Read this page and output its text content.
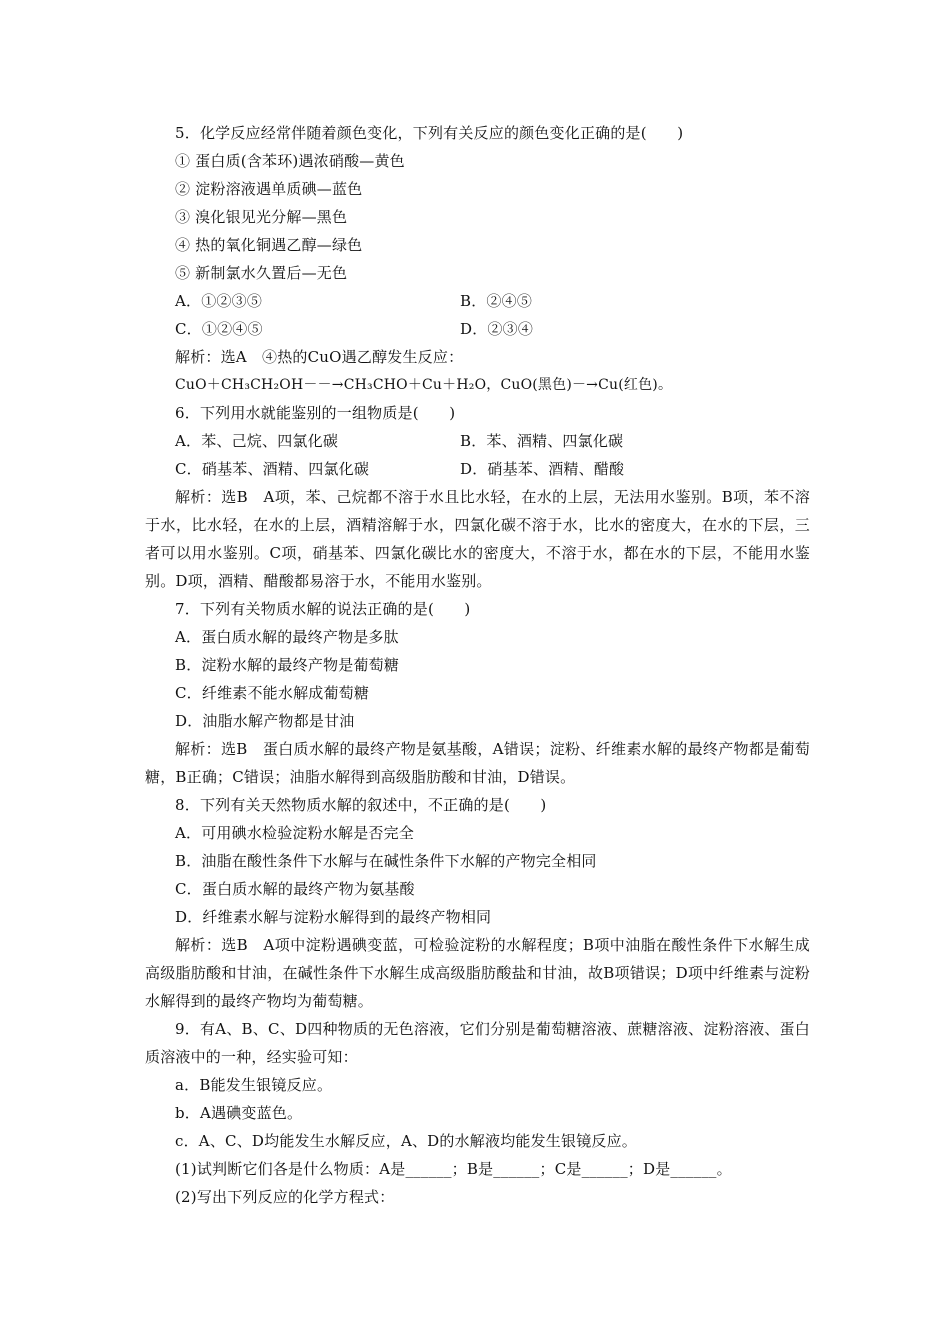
5．化学反应经常伴随着颜色变化，下列有关反应的颜色变化正确的是(　　)
① 蛋白质(含苯环)遇浓硝酸—黄色
② 淀粉溶液遇单质碘—蓝色
③ 溴化银见光分解—黑色
④ 热的氧化铜遇乙醇—绿色
⑤ 新制氯水久置后—无色
A．①②③⑤	B．②④⑤
C．①②④⑤	D．②③④
解析：选A　④热的CuO遇乙醇发生反应：
CuO＋CH₃CH₂OH－－→CH₃CHO＋Cu＋H₂O，CuO(黑色)－→Cu(红色)。
6．下列用水就能鉴别的一组物质是(　　)
A．苯、己烷、四氯化碳	B．苯、酒精、四氯化碳
C．硝基苯、酒精、四氯化碳	D．硝基苯、酒精、醋酸
解析：选B　A项，苯、己烷都不溶于水且比水轻，在水的上层，无法用水鉴别。B项，苯不溶于水，比水轻，在水的上层，酒精溶解于水，四氯化碳不溶于水，比水的密度大，在水的下层，三者可以用水鉴别。C项，硝基苯、四氯化碳比水的密度大，不溶于水，都在水的下层，不能用水鉴别。D项，酒精、醋酸都易溶于水，不能用水鉴别。
7．下列有关物质水解的说法正确的是(　　)
A．蛋白质水解的最终产物是多肽
B．淀粉水解的最终产物是葡萄糖
C．纤维素不能水解成葡萄糖
D．油脂水解产物都是甘油
解析：选B　蛋白质水解的最终产物是氨基酸，A错误；淀粉、纤维素水解的最终产物都是葡萄糖，B正确；C错误；油脂水解得到高级脂肪酸和甘油，D错误。
8．下列有关天然物质水解的叙述中，不正确的是(　　)
A．可用碘水检验淀粉水解是否完全
B．油脂在酸性条件下水解与在碱性条件下水解的产物完全相同
C．蛋白质水解的最终产物为氨基酸
D．纤维素水解与淀粉水解得到的最终产物相同
解析：选B　A项中淀粉遇碘变蓝，可检验淀粉的水解程度；B项中油脂在酸性条件下水解生成高级脂肪酸和甘油，在碱性条件下水解生成高级脂肪酸盐和甘油，故B项错误；D项中纤维素与淀粉水解得到的最终产物均为葡萄糖。
9．有A、B、C、D四种物质的无色溶液，它们分别是葡萄糖溶液、蔗糖溶液、淀粉溶液、蛋白质溶液中的一种，经实验可知：
a．B能发生银镜反应。
b．A遇碘变蓝色。
c．A、C、D均能发生水解反应，A、D的水解液均能发生银镜反应。
(1)试判断它们各是什么物质：A是______；B是______；C是______；D是______。
(2)写出下列反应的化学方程式：
